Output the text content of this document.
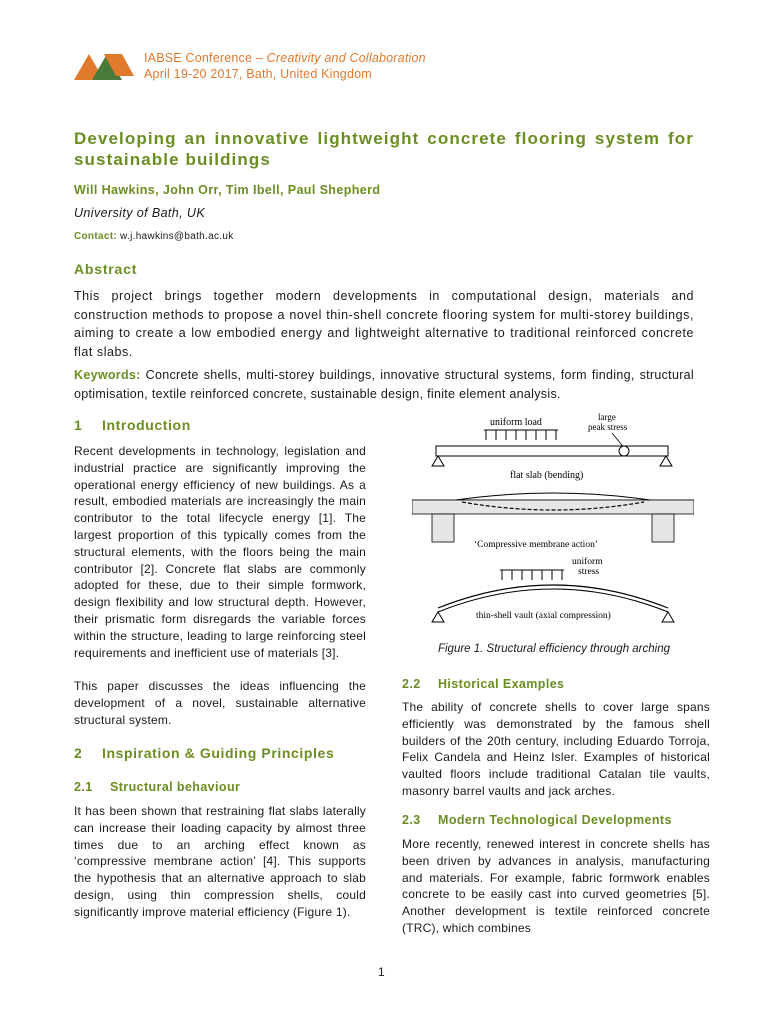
IABSE Conference – Creativity and Collaboration
April 19-20 2017, Bath, United Kingdom
Developing an innovative lightweight concrete flooring system for sustainable buildings
Will Hawkins, John Orr, Tim Ibell, Paul Shepherd
University of Bath, UK
Contact: w.j.hawkins@bath.ac.uk
Abstract
This project brings together modern developments in computational design, materials and construction methods to propose a novel thin-shell concrete flooring system for multi-storey buildings, aiming to create a low embodied energy and lightweight alternative to traditional reinforced concrete flat slabs.
Keywords: Concrete shells, multi-storey buildings, innovative structural systems, form finding, structural optimisation, textile reinforced concrete, sustainable design, finite element analysis.
1 Introduction
Recent developments in technology, legislation and industrial practice are significantly improving the operational energy efficiency of new buildings. As a result, embodied materials are increasingly the main contributor to the total lifecycle energy [1]. The largest proportion of this typically comes from the structural elements, with the floors being the main contributor [2]. Concrete flat slabs are commonly adopted for these, due to their simple formwork, design flexibility and low structural depth. However, their prismatic form disregards the variable forces within the structure, leading to large reinforcing steel requirements and inefficient use of materials [3].
This paper discusses the ideas influencing the development of a novel, sustainable alternative structural system.
2 Inspiration & Guiding Principles
2.1 Structural behaviour
It has been shown that restraining flat slabs laterally can increase their loading capacity by almost three times due to an arching effect known as ‘compressive membrane action’ [4]. This supports the hypothesis that an alternative approach to slab design, using thin compression shells, could significantly improve material efficiency (Figure 1).
uniform load	large
peak stress
flat slab (bending)
‘Compressive membrane action’
uniform
stress
thin-shell vault (axial compression)
Figure 1. Structural efficiency through arching
2.2 Historical Examples
The ability of concrete shells to cover large spans efficiently was demonstrated by the famous shell builders of the 20th century, including Eduardo Torroja, Felix Candela and Heinz Isler. Examples of historical vaulted floors include traditional Catalan tile vaults, masonry barrel vaults and jack arches.
2.3 Modern Technological Developments
More recently, renewed interest in concrete shells has been driven by advances in analysis, manufacturing and materials. For example, fabric formwork enables concrete to be easily cast into curved geometries [5]. Another development is textile reinforced concrete (TRC), which combines
1
